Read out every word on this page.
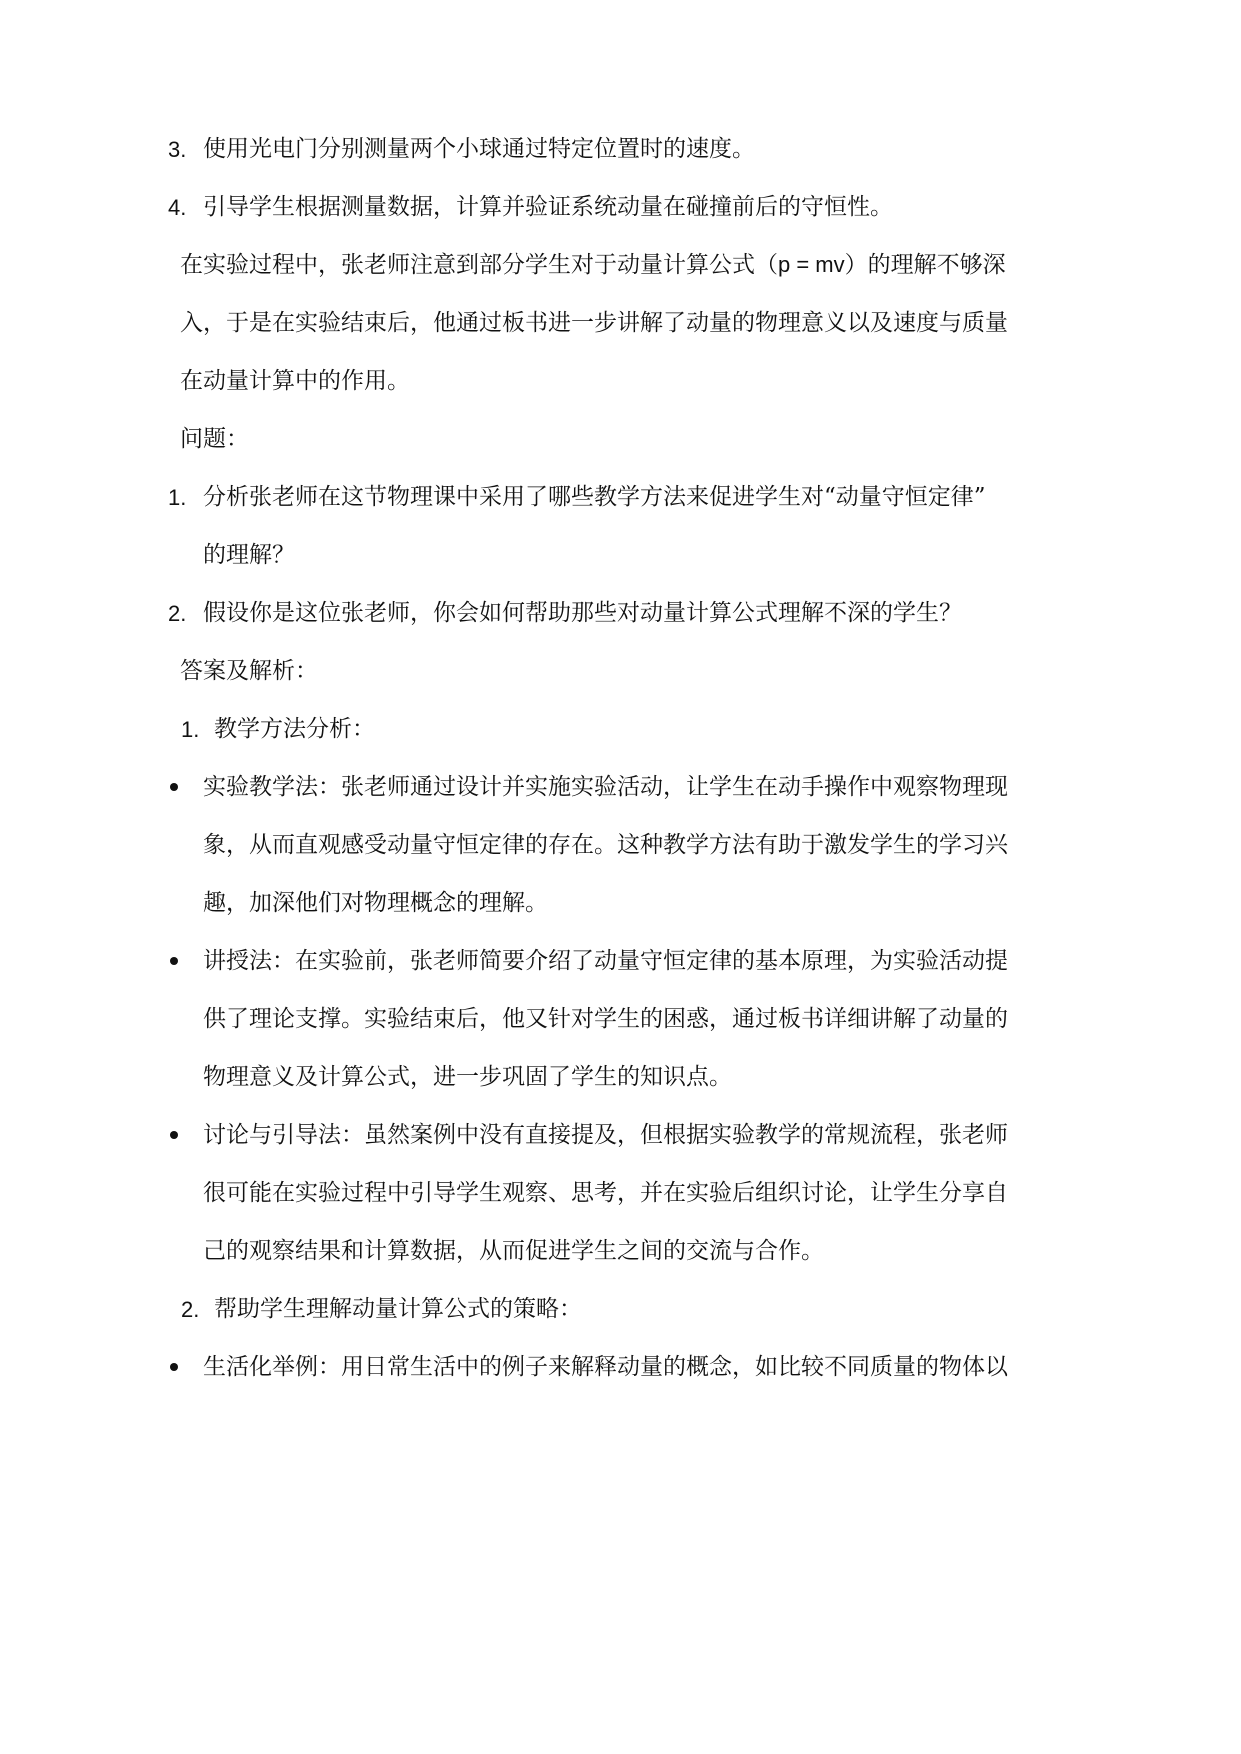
3. 使用光电门分别测量两个小球通过特定位置时的速度。

4. 引导学生根据测量数据，计算并验证系统动量在碰撞前后的守恒性。

在实验过程中，张老师注意到部分学生对于动量计算公式（p = mv）的理解不够深

入，于是在实验结束后，他通过板书进一步讲解了动量的物理意义以及速度与质量

在动量计算中的作用。

问题：

1. 分析张老师在这节物理课中采用了哪些教学方法来促进学生对“动量守恒定律”

的理解？

2. 假设你是这位张老师，你会如何帮助那些对动量计算公式理解不深的学生？

答案及解析：

1. 教学方法分析：

实验教学法：张老师通过设计并实施实验活动，让学生在动手操作中观察物理现

象，从而直观感受动量守恒定律的存在。这种教学方法有助于激发学生的学习兴

趣，加深他们对物理概念的理解。

讲授法：在实验前，张老师简要介绍了动量守恒定律的基本原理，为实验活动提

供了理论支撑。实验结束后，他又针对学生的困惑，通过板书详细讲解了动量的

物理意义及计算公式，进一步巩固了学生的知识点。

讨论与引导法：虽然案例中没有直接提及，但根据实验教学的常规流程，张老师

很可能在实验过程中引导学生观察、思考，并在实验后组织讨论，让学生分享自

己的观察结果和计算数据，从而促进学生之间的交流与合作。

2. 帮助学生理解动量计算公式的策略：

生活化举例：用日常生活中的例子来解释动量的概念，如比较不同质量的物体以
